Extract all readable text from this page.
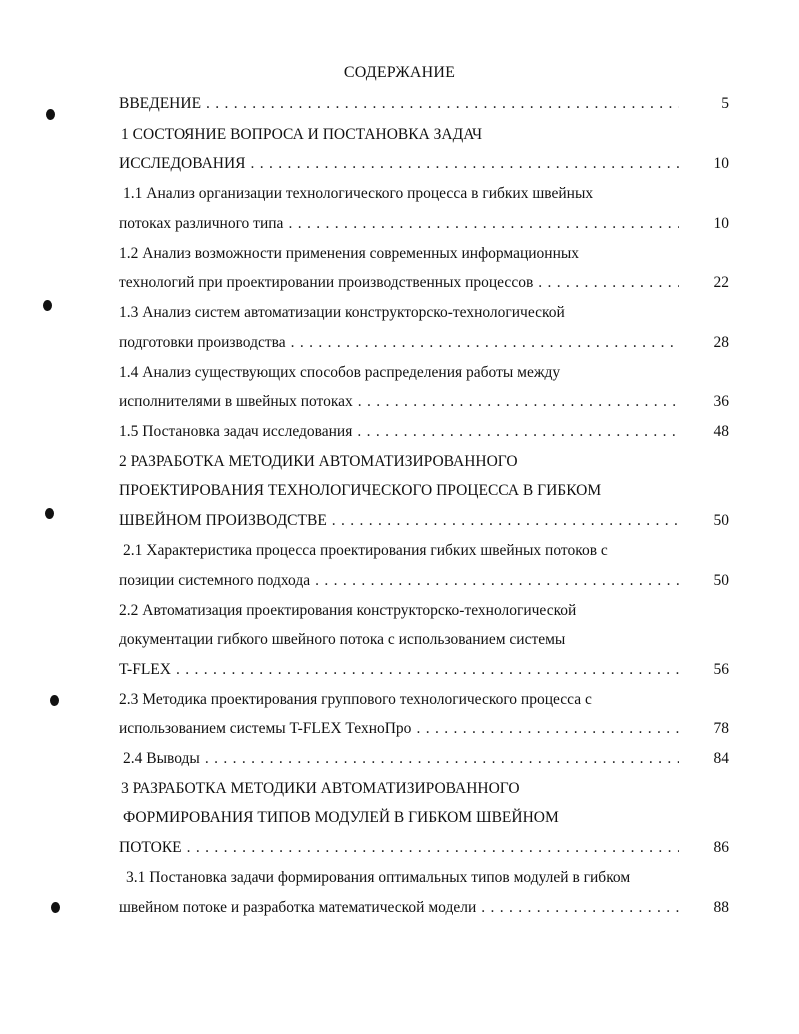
СОДЕРЖАНИЕ
ВВЕДЕНИЕ . . .	5
1 СОСТОЯНИЕ ВОПРОСА И ПОСТАНОВКА ЗАДАЧ
ИССЛЕДОВАНИЯ . . .	10
1.1 Анализ организации технологического процесса в гибких швейных
потоках различного типа . . .	10
1.2 Анализ возможности применения современных информационных
технологий при проектировании производственных процессов . . .	22
1.3 Анализ систем автоматизации конструкторско-технологической
подготовки производства . . .	28
1.4 Анализ существующих способов распределения работы между
исполнителями в швейных потоках . . .	36
1.5 Постановка задач исследования . . .	48
2 РАЗРАБОТКА МЕТОДИКИ АВТОМАТИЗИРОВАННОГО
ПРОЕКТИРОВАНИЯ ТЕХНОЛОГИЧЕСКОГО ПРОЦЕССА В ГИБКОМ
ШВЕЙНОМ ПРОИЗВОДСТВЕ . . .	50
2.1 Характеристика процесса проектирования гибких швейных потоков с
позиции системного подхода . . .	50
2.2 Автоматизация проектирования конструкторско-технологической
документации гибкого швейного потока с использованием системы
T-FLEX . . .	56
2.3 Методика проектирования группового технологического процесса с
использованием системы T-FLEX ТехноПро . . .	78
2.4 Выводы . . .	84
3 РАЗРАБОТКА МЕТОДИКИ АВТОМАТИЗИРОВАННОГО
ФОРМИРОВАНИЯ ТИПОВ МОДУЛЕЙ В ГИБКОМ ШВЕЙНОМ
ПОТОКЕ . . .	86
3.1 Постановка задачи формирования оптимальных типов модулей в гибком
швейном потоке и разработка математической модели . . .	88
